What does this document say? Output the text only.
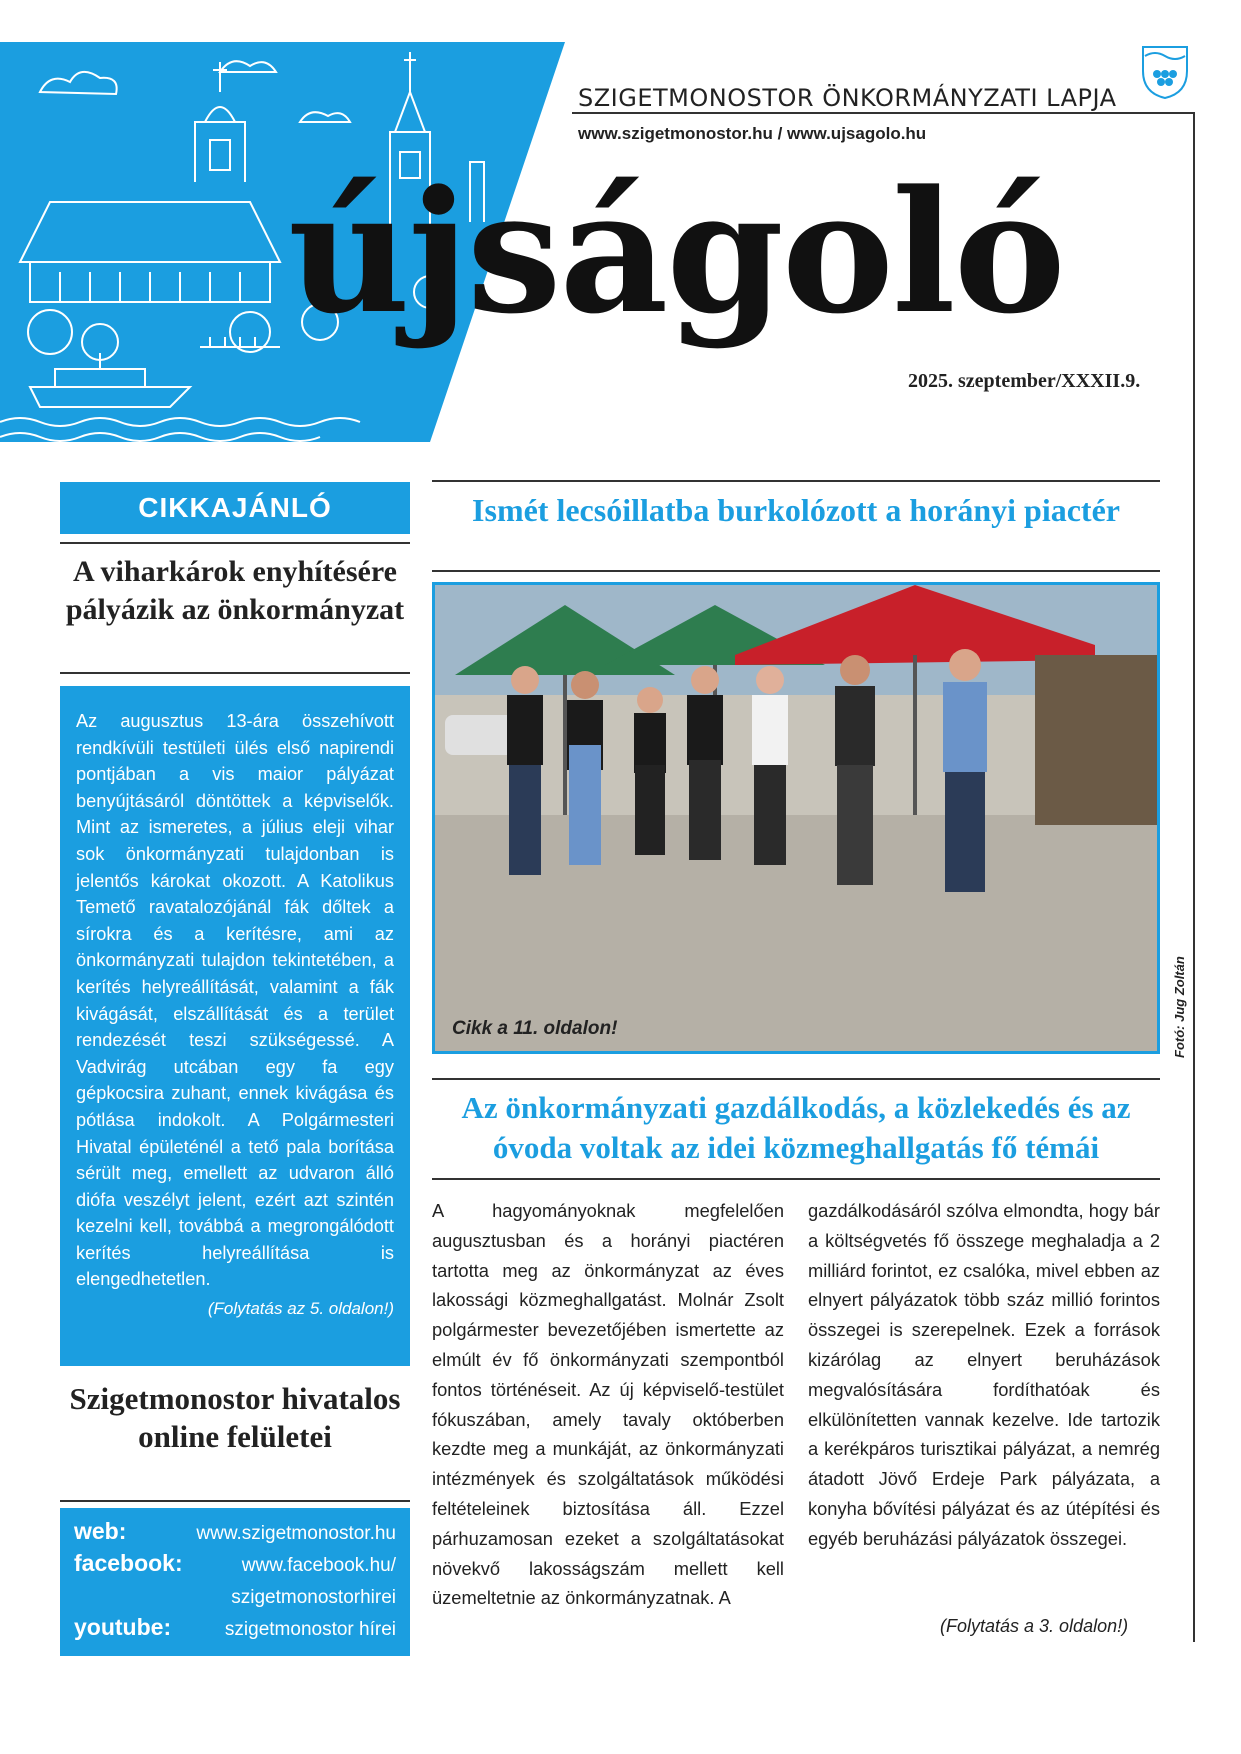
SZIGETMONOSTOR ÖNKORMÁNYZATI LAPJA
www.szigetmonostor.hu / www.ujsagolo.hu
újságoló
2025. szeptember/XXXII.9.
CIKKAJÁNLÓ
A viharkárok enyhítésére pályázik az önkormányzat

Az augusztus 13-ára összehívott rendkívüli testületi ülés első napirendi pontjában a vis maior pályázat benyújtásáról döntöttek a képviselők. Mint az ismeretes, a július eleji vihar sok önkormányzati tulajdonban is jelentős károkat okozott. A Katolikus Temető ravatalozójánál fák dőltek a sírokra és a kerítésre, ami az önkormányzati tulajdon tekintetében, a kerítés helyreállítását, valamint a fák kivágását, elszállítását és a terület rendezését teszi szükségessé. A Vadvirág utcában egy fa egy gépkocsira zuhant, ennek kivágása és pótlása indokolt. A Polgármesteri Hivatal épületénél a tető pala borítása sérült meg, emellett az udvaron álló diófa veszélyt jelent, ezért azt szintén kezelni kell, továbbá a megrongálódott kerítés helyreállítása is elengedhetetlen.

(Folytatás az 5. oldalon!)
Szigetmonostor hivatalos online felületei
web:	www.szigetmonostor.hu
facebook:	www.facebook.hu/
szigetmonostorhirei
youtube:	szigetmonostor hírei
Ismét lecsóillatba burkolózott a horányi piactér
Cikk a 11. oldalon!	Fotó: Jug Zoltán
Az önkormányzati gazdálkodás, a közlekedés és az óvoda voltak az idei közmeghallgatás fő témái

A hagyományoknak megfelelően augusztusban és a horányi piactéren tartotta meg az önkormányzat az éves lakossági közmeghallgatást. Molnár Zsolt polgármester bevezetőjében ismertette az elmúlt év fő önkormányzati szempontból fontos történéseit. Az új képviselő-testület fókuszában, amely tavaly októberben kezdte meg a munkáját, az önkormányzati intézmények és szolgáltatások működési feltételeinek biztosítása áll. Ezzel párhuzamosan ezeket a szolgáltatásokat növekvő lakosságszám mellett kell üzemeltetnie az önkormányzatnak. A

gazdálkodásáról szólva elmondta, hogy bár a költségvetés fő összege meghaladja a 2 milliárd forintot, ez csalóka, mivel ebben az elnyert pályázatok több száz millió forintos összegei is szerepelnek. Ezek a források kizárólag az elnyert beruházások megvalósítására fordíthatóak és elkülönítetten vannak kezelve. Ide tartozik a kerékpáros turisztikai pályázat, a nemrég átadott Jövő Erdeje Park pályázata, a konyha bővítési pályázat és az útépítési és egyéb beruházási pályázatok összegei.

(Folytatás a 3. oldalon!)
